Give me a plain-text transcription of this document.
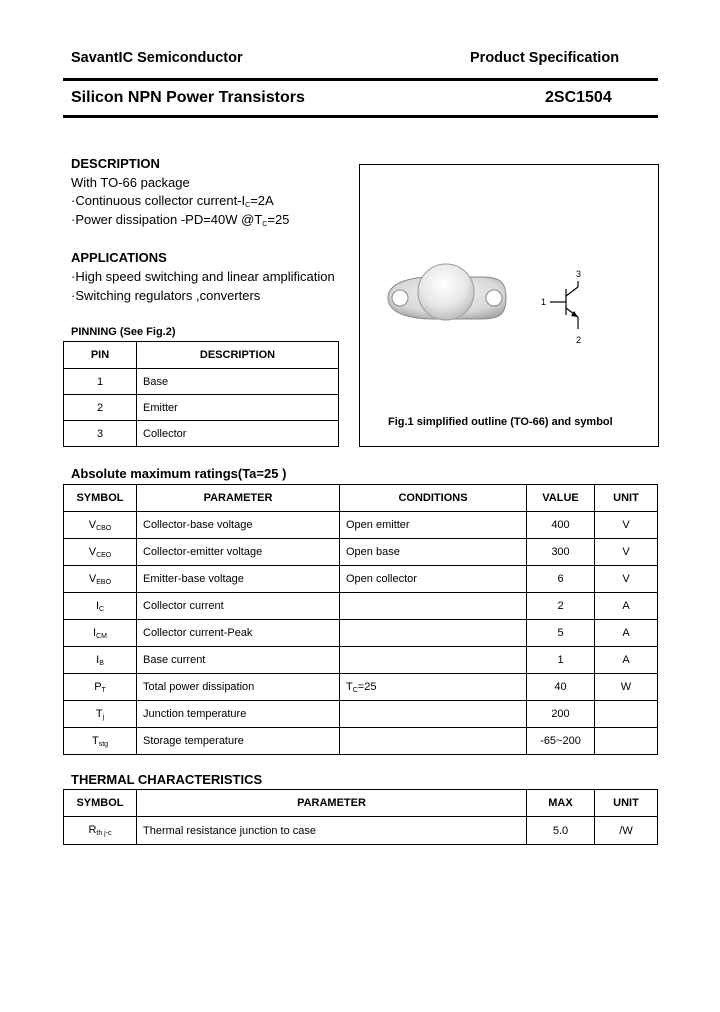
SavantIC Semiconductor	Product Specification
Silicon NPN Power Transistors	2SC1504
DESCRIPTION
With TO-66 package
·Continuous collector current-$I_C=2A$
·Power dissipation -PD=40W $@T_C=25$
APPLICATIONS
·High speed switching and linear amplification
·Switching regulators ,converters
PINNING (See Fig.2)
PIN	DESCRIPTION
1	Base
2	Emitter
3	Collector
1
3
2
Fig.1 simplified outline (TO-66) and symbol
Absolute maximum ratings(Ta=25 )
SYMBOL	PARAMETER	CONDITIONS	VALUE	UNIT
$V_{CBO}$	Collector-base voltage	Open emitter	400	V
$V_{CEO}$	Collector-emitter voltage	Open base	300	V
$V_{EBO}$	Emitter-base voltage	Open collector	6	V
$I_C$	Collector current		2	A
$I_{CM}$	Collector current-Peak		5	A
$I_B$	Base current		1	A
$P_T$	Total power dissipation	$T_C=25$	40	W
$T_j$	Junction temperature		200	
$T_{stg}$	Storage temperature		-65~200	
THERMAL CHARACTERISTICS
SYMBOL	PARAMETER	MAX	UNIT
$R_{th j-c}$	Thermal resistance junction to case	5.0	/W
